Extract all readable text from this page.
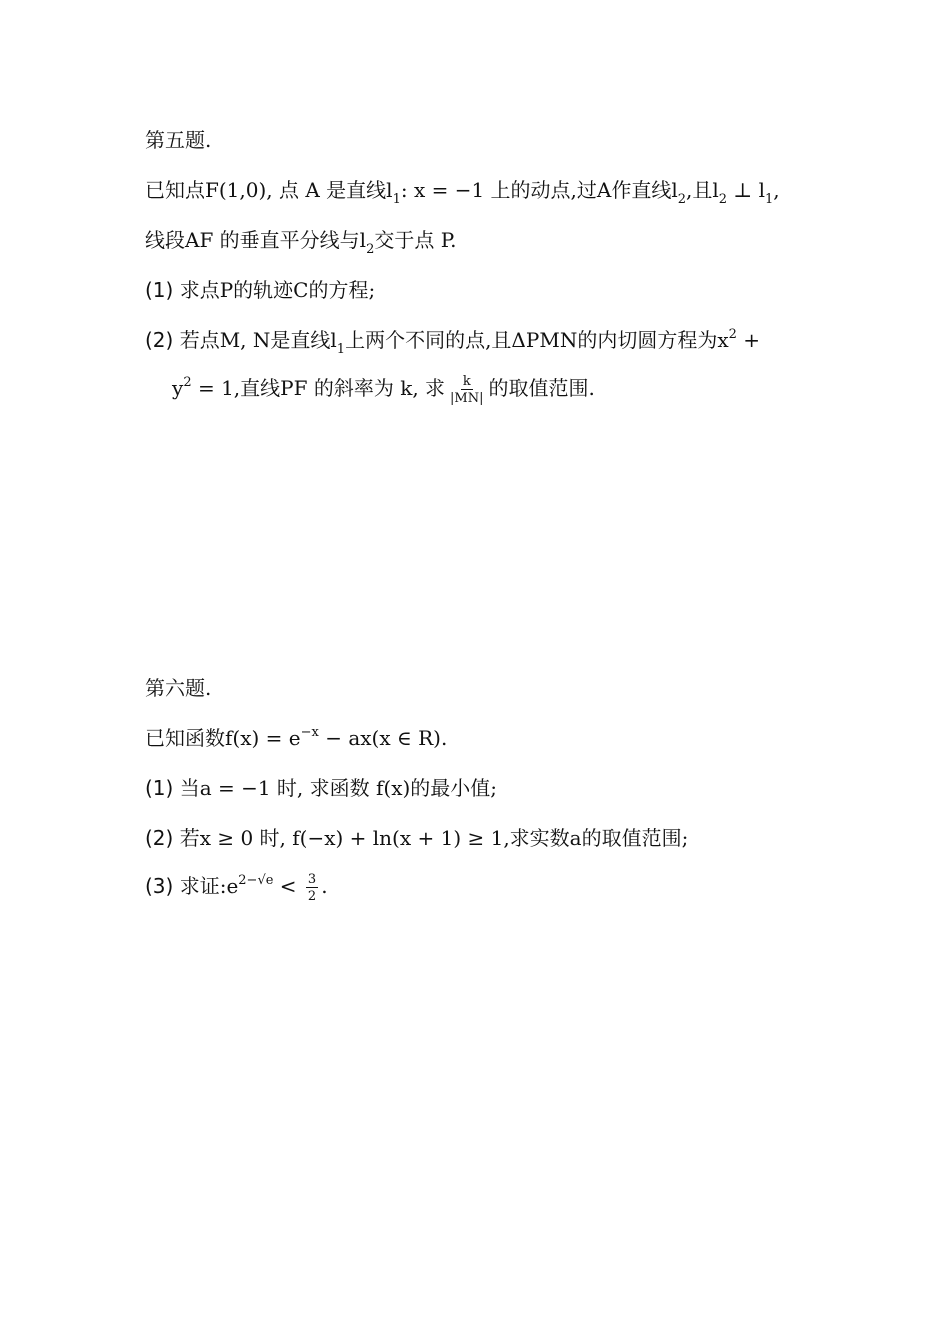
第五题.
已知点F(1,0), 点 A 是直线$l_1$: x = −1 上的动点,过A作直线$l_2$,且$l_2$ ⊥ $l_1$,
线段AF 的垂直平分线与$l_2$交于点 P.
(1) 求点P的轨迹C的方程;
(2) 若点M, N是直线$l_1$上两个不同的点,且ΔPMN的内切圆方程为$x^2$ +
$y^2 = 1$,直线PF 的斜率为 k, 求 $\frac{k}{|MN|}$ 的取值范围.
第六题.
已知函数$f(x) = e^{-x} - ax(x$ ∈ R).
(1) 当a = −1 时, 求函数 f(x)的最小值;
(2) 若x ≥ 0 时, f(−x) + ln(x + 1) ≥ 1,求实数a的取值范围;
(3) 求证$:e^{2-√e} < \frac{3}{2}$ .
